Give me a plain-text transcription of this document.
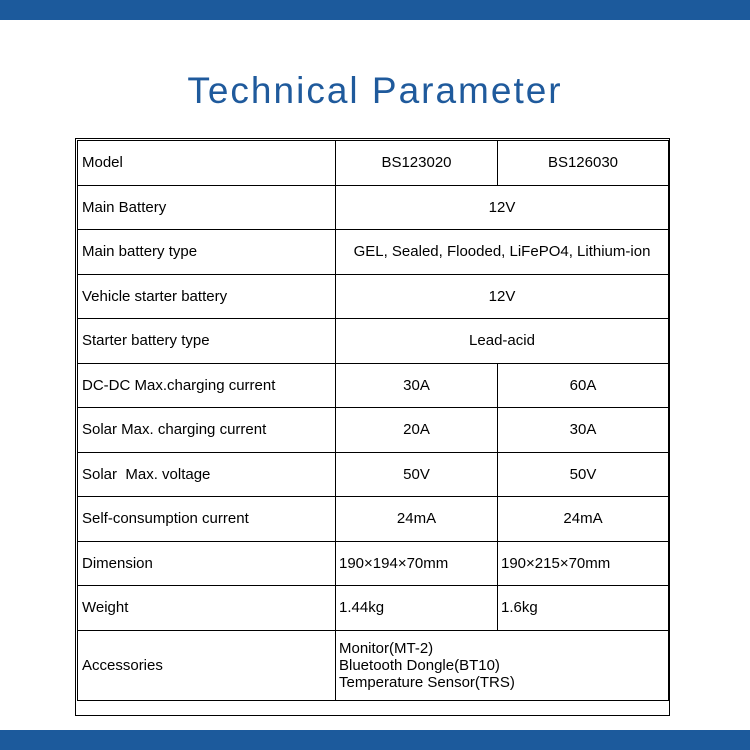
Technical Parameter
Model	BS123020	BS126030
Main Battery	12V	
Main battery type	GEL, Sealed, Flooded, LiFePO4, Lithium-ion	
Vehicle starter battery	12V	
Starter battery type	Lead-acid	
DC-DC Max.charging current	30A	60A
Solar Max. charging current	20A	30A
Solar  Max. voltage	50V	50V
Self-consumption current	24mA	24mA
Dimension	190×194×70mm	190×215×70mm
Weight	1.44kg	1.6kg
Accessories	Monitor(MT-2)
Bluetooth Dongle(BT10)
Temperature Sensor(TRS)	
